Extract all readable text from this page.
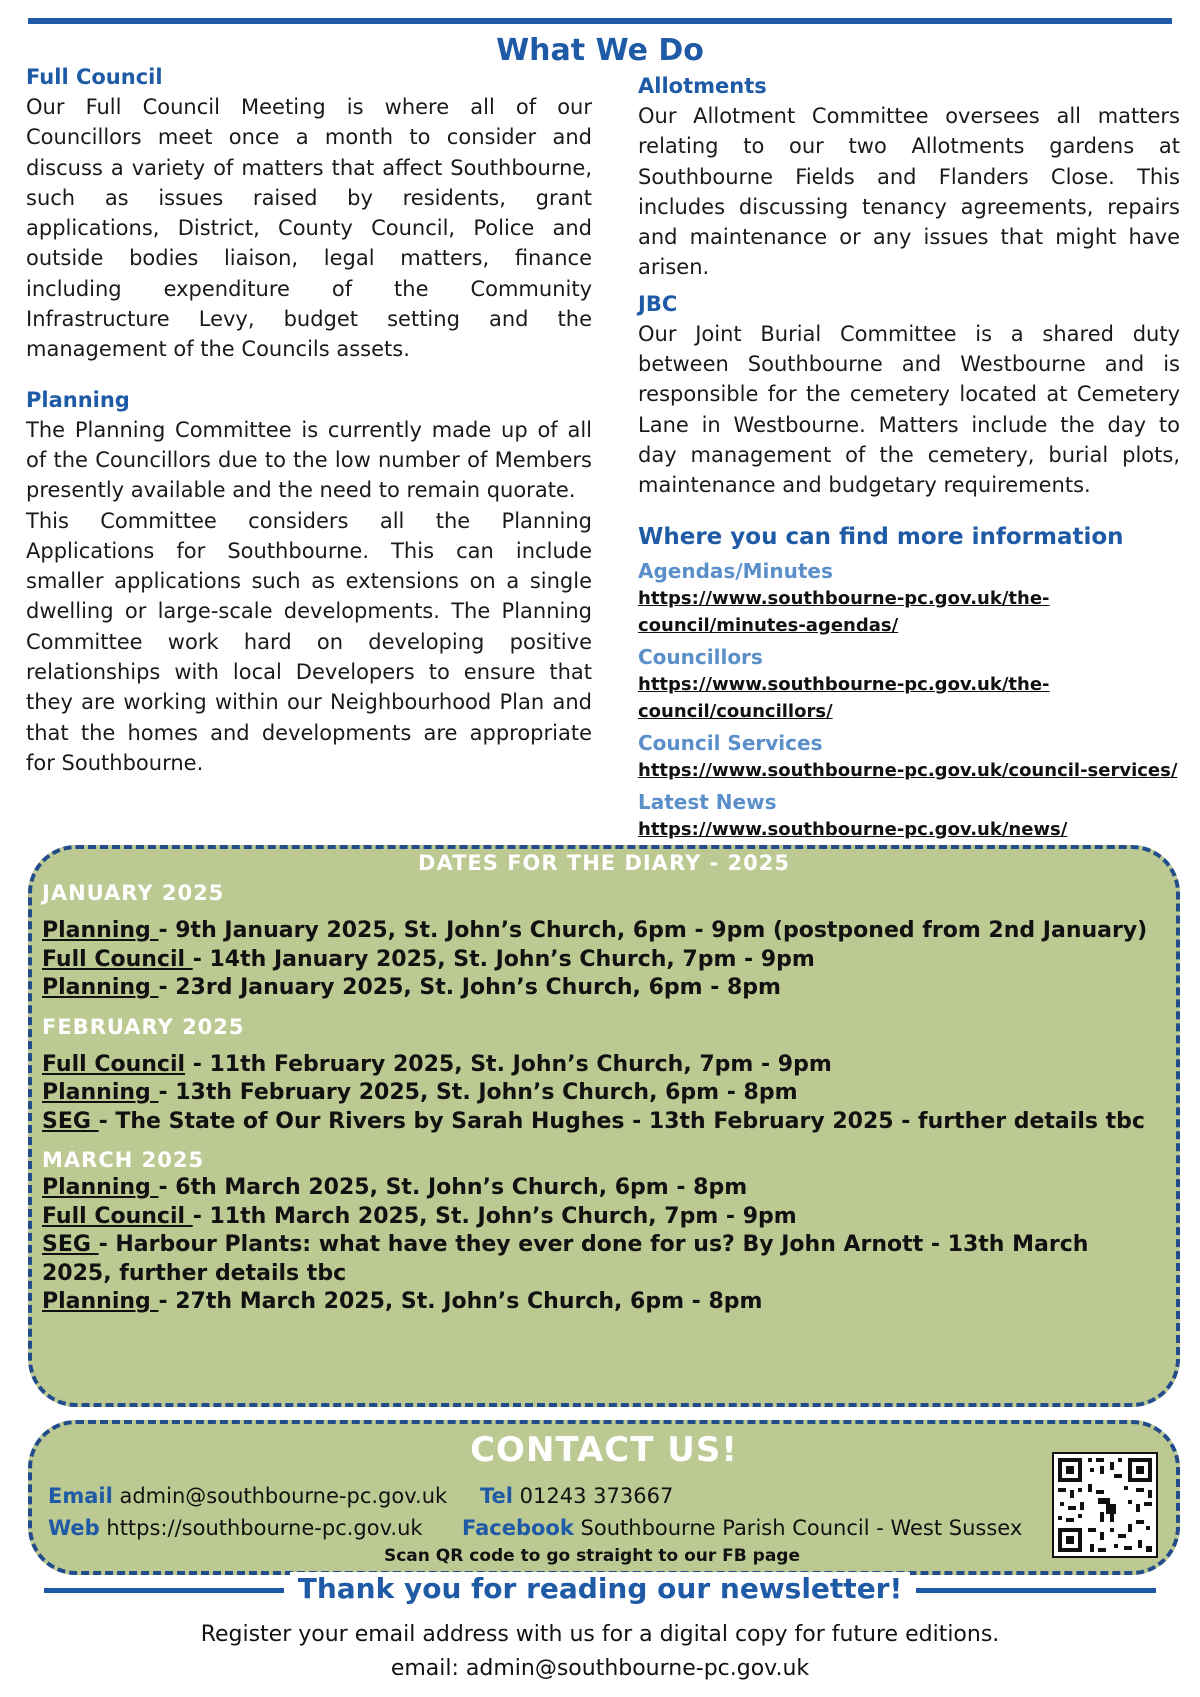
What We Do
Full Council

Our Full Council Meeting is where all of our Councillors meet once a month to consider and discuss a variety of matters that affect Southbourne, such as issues raised by residents, grant applications, District, County Council, Police and outside bodies liaison, legal matters, finance including expenditure of the Community Infrastructure Levy, budget setting and the management of the Councils assets.

Planning

The Planning Committee is currently made up of all of the Councillors due to the low number of Members presently available and the need to remain quorate.

This Committee considers all the Planning Applications for Southbourne. This can include smaller applications such as extensions on a single dwelling or large-scale developments. The Planning Committee work hard on developing positive relationships with local Developers to ensure that they are working within our Neighbourhood Plan and that the homes and developments are appropriate for Southbourne.

Allotments

Our Allotment Committee oversees all matters relating to our two Allotments gardens at Southbourne Fields and Flanders Close. This includes discussing tenancy agreements, repairs and maintenance or any issues that might have arisen.

JBC

Our Joint Burial Committee is a shared duty between Southbourne and Westbourne and is responsible for the cemetery located at Cemetery Lane in Westbourne. Matters include the day to day management of the cemetery, burial plots, maintenance and budgetary requirements.

Where you can find more information
Agendas/Minutes
https://www.southbourne-pc.gov.uk/the-council/minutes-agendas/
Councillors
https://www.southbourne-pc.gov.uk/the-council/councillors/
Council Services
https://www.southbourne-pc.gov.uk/council-services/
Latest News
https://www.southbourne-pc.gov.uk/news/
DATES FOR THE DIARY - 2025
JANUARY 2025
Planning - 9th January 2025, St. John’s Church, 6pm - 9pm (postponed from 2nd January)
Full Council - 14th January 2025, St. John’s Church, 7pm - 9pm
Planning - 23rd January 2025, St. John’s Church, 6pm - 8pm
FEBRUARY 2025
Full Council - 11th February 2025, St. John’s Church, 7pm - 9pm
Planning - 13th February 2025, St. John’s Church, 6pm - 8pm
SEG - The State of Our Rivers by Sarah Hughes - 13th February 2025 - further details tbc
MARCH 2025
Planning - 6th March 2025, St. John’s Church, 6pm - 8pm
Full Council - 11th March 2025, St. John’s Church, 7pm - 9pm
SEG - Harbour Plants: what have they ever done for us? By John Arnott - 13th March 2025, further details tbc
Planning - 27th March 2025, St. John’s Church, 6pm - 8pm
CONTACT US!
Email admin@southbourne-pc.gov.uk Tel 01243 373667
Web https://southbourne-pc.gov.uk Facebook Southbourne Parish Council - West Sussex
Scan QR code to go straight to our FB page
Thank you for reading our newsletter!
Register your email address with us for a digital copy for future editions.
email: admin@southbourne-pc.gov.uk
